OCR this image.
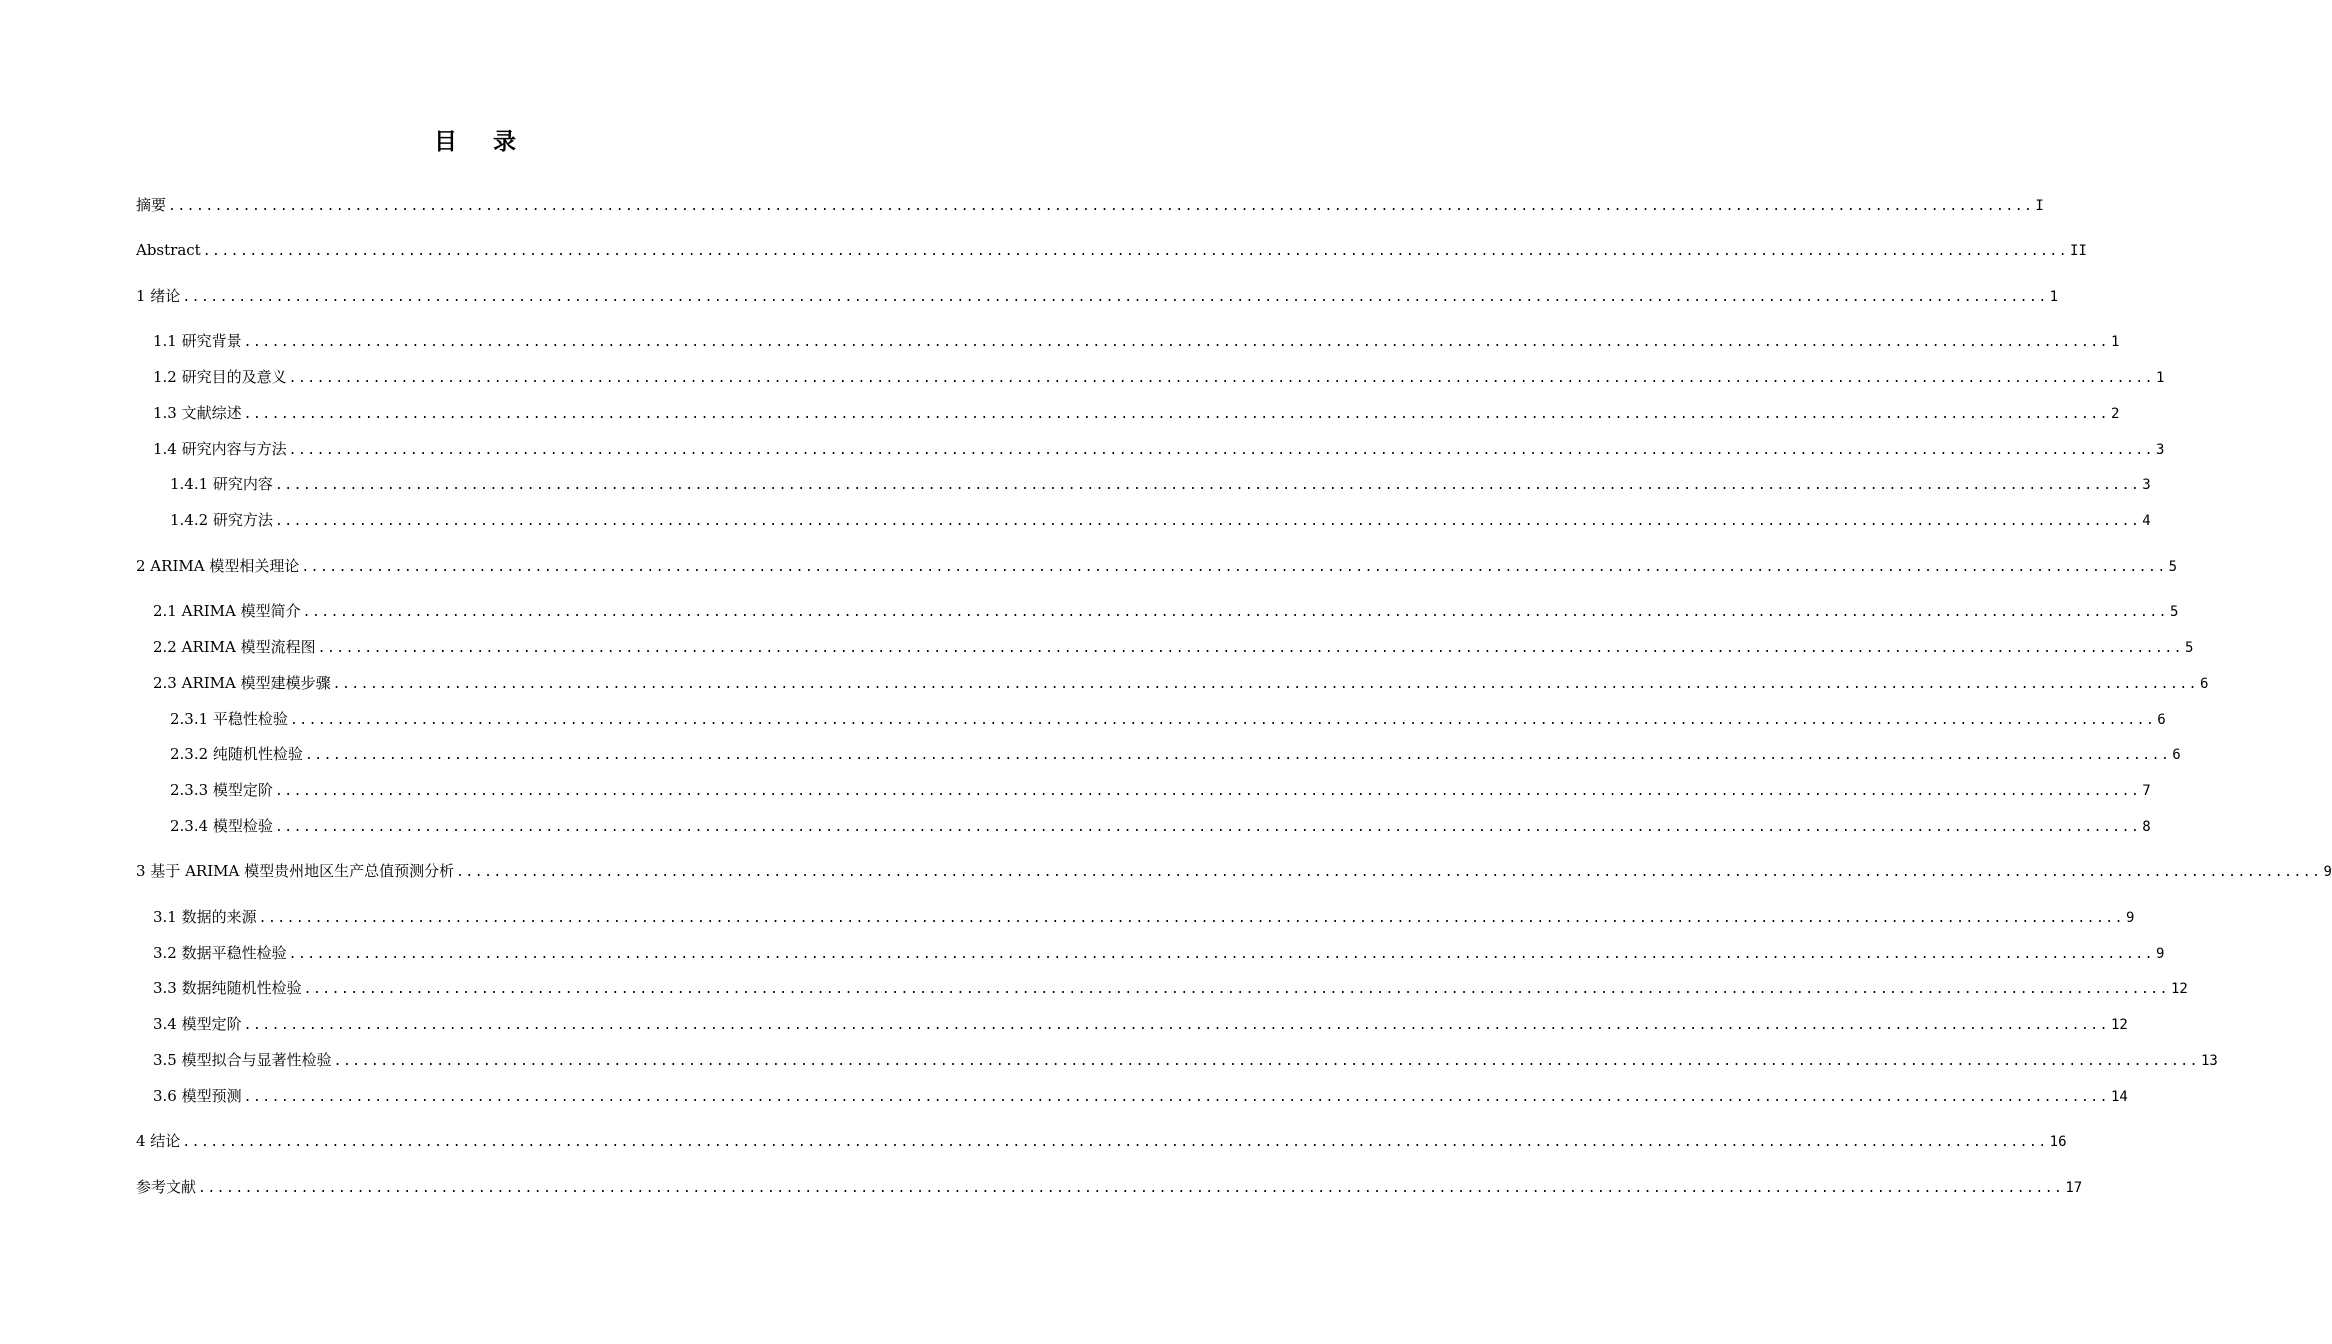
目 录
摘要 ........................................................................................................................................................................................................ I
Abstract ........................................................................................................................................................................................................ II
1 绪论 ........................................................................................................................................................................................................ 1
1.1 研究背景 ........................................................................................................................................................................................................ 1
1.2 研究目的及意义 ........................................................................................................................................................................................................ 1
1.3 文献综述 ........................................................................................................................................................................................................ 2
1.4 研究内容与方法 ........................................................................................................................................................................................................ 3
1.4.1 研究内容 ........................................................................................................................................................................................................ 3
1.4.2 研究方法 ........................................................................................................................................................................................................ 4
2 ARIMA 模型相关理论 ........................................................................................................................................................................................................ 5
2.1 ARIMA 模型简介 ........................................................................................................................................................................................................ 5
2.2 ARIMA 模型流程图 ........................................................................................................................................................................................................ 5
2.3 ARIMA 模型建模步骤 ........................................................................................................................................................................................................ 6
2.3.1 平稳性检验 ........................................................................................................................................................................................................ 6
2.3.2 纯随机性检验 ........................................................................................................................................................................................................ 6
2.3.3 模型定阶 ........................................................................................................................................................................................................ 7
2.3.4 模型检验 ........................................................................................................................................................................................................ 8
3 基于 ARIMA 模型贵州地区生产总值预测分析 ........................................................................................................................................................................................................ 9
3.1 数据的来源 ........................................................................................................................................................................................................ 9
3.2 数据平稳性检验 ........................................................................................................................................................................................................ 9
3.3 数据纯随机性检验 ........................................................................................................................................................................................................ 12
3.4 模型定阶 ........................................................................................................................................................................................................ 12
3.5 模型拟合与显著性检验 ........................................................................................................................................................................................................ 13
3.6 模型预测 ........................................................................................................................................................................................................ 14
4 结论 ........................................................................................................................................................................................................ 16
参考文献 ........................................................................................................................................................................................................ 17
